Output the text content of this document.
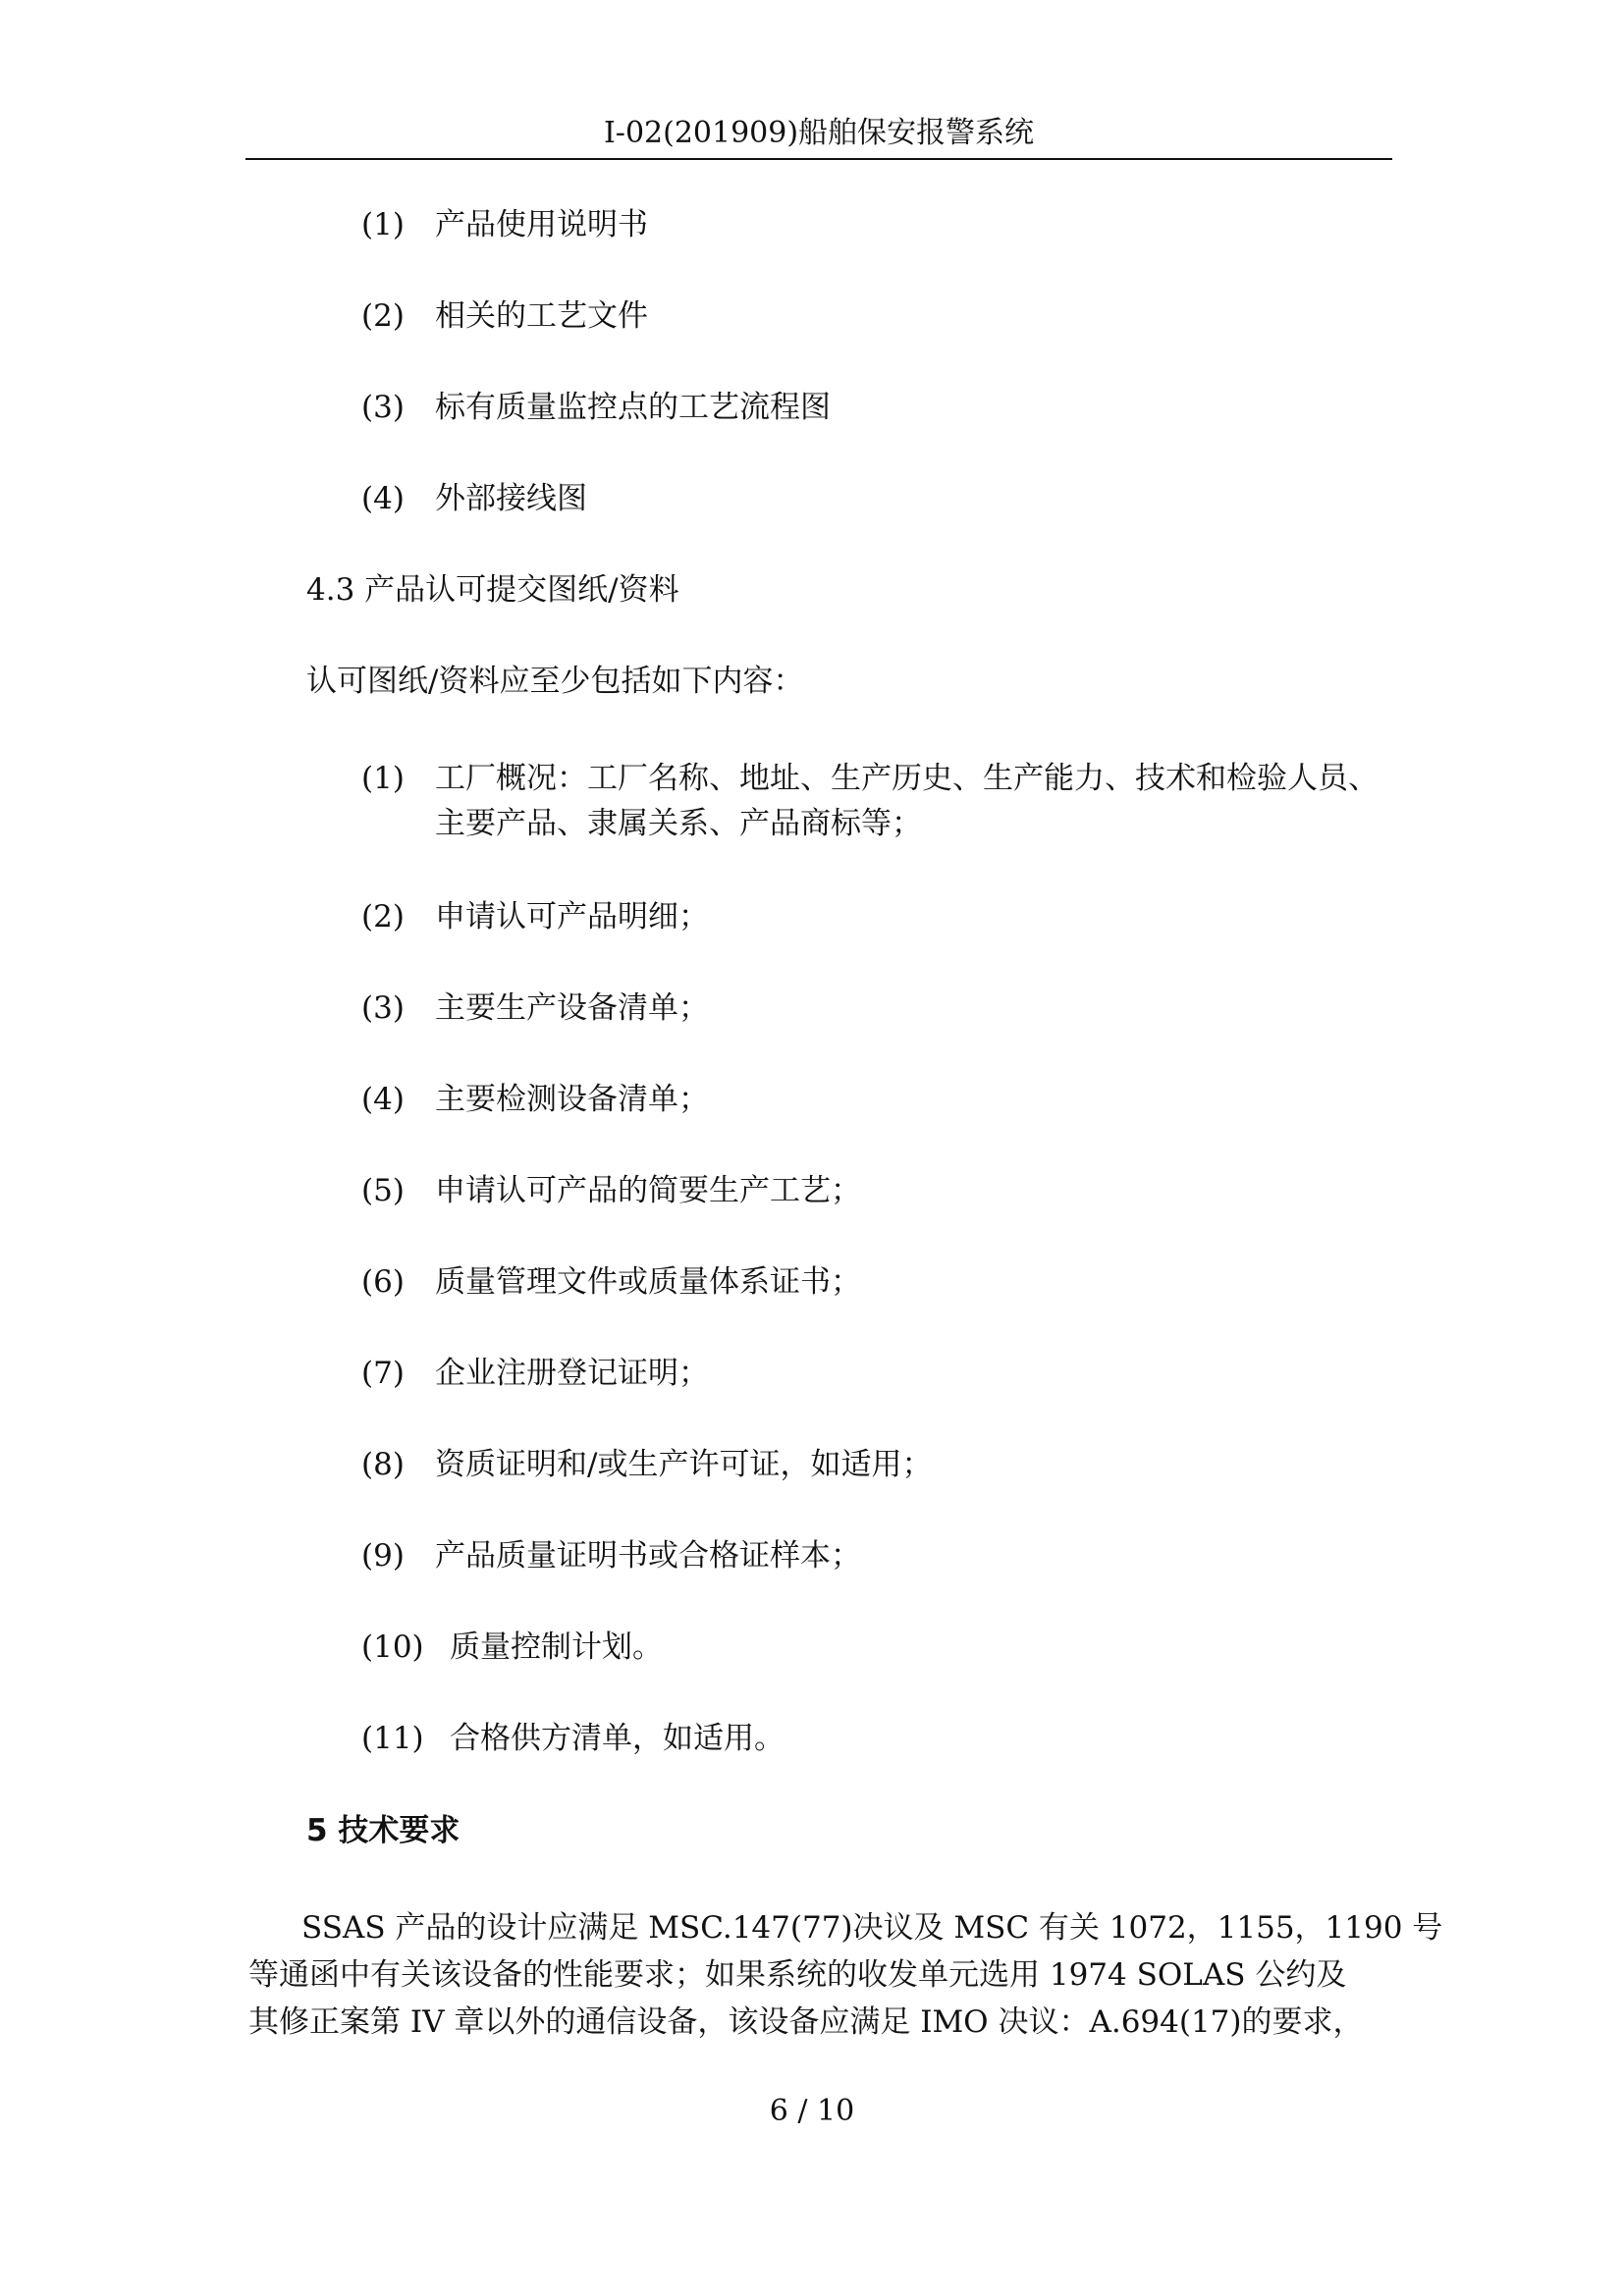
I-02(201909)船舶保安报警系统
(1) 产品使用说明书
(2) 相关的工艺文件
(3) 标有质量监控点的工艺流程图
(4) 外部接线图
4.3 产品认可提交图纸/资料
认可图纸/资料应至少包括如下内容：
(1) 工厂概况：工厂名称、地址、生产历史、生产能力、技术和检验人员、主要产品、隶属关系、产品商标等；
(2) 申请认可产品明细；
(3) 主要生产设备清单；
(4) 主要检测设备清单；
(5) 申请认可产品的简要生产工艺；
(6) 质量管理文件或质量体系证书；
(7) 企业注册登记证明；
(8) 资质证明和/或生产许可证，如适用；
(9) 产品质量证明书或合格证样本；
(10) 质量控制计划。
(11) 合格供方清单，如适用。
5 技术要求
SSAS 产品的设计应满足 MSC.147(77)决议及 MSC 有关 1072，1155，1190 号
等通函中有关该设备的性能要求；如果系统的收发单元选用 1974 SOLAS 公约及
其修正案第 IV 章以外的通信设备，该设备应满足 IMO 决议：A.694(17)的要求，
6 / 10
